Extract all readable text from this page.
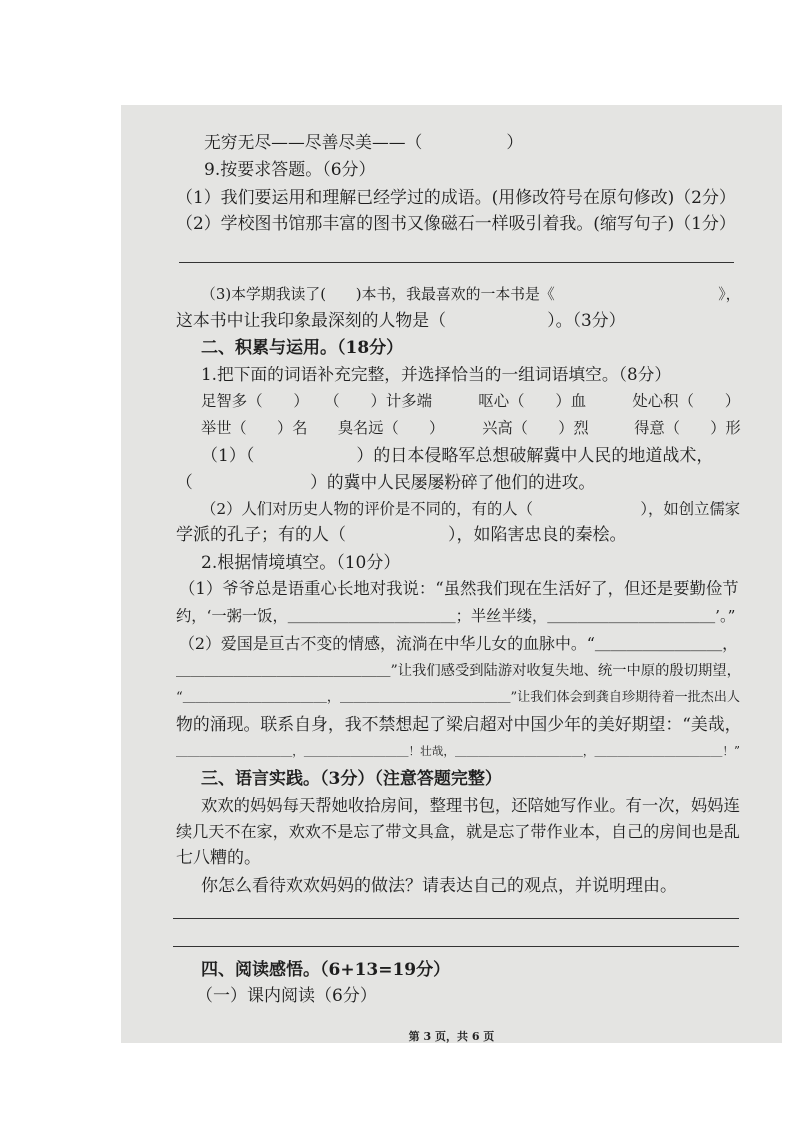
无穷无尽——尽善尽美——（　　　　　）
9.按要求答题。（6分）
（1）我们要运用和理解已经学过的成语。(用修改符号在原句修改)（2分）
（2）学校图书馆那丰富的图书又像磁石一样吸引着我。(缩写句子)（1分）
（3)本学期我读了(　　)本书，我最喜欢的一本书是《　　　　　　　　　　　》，
这本书中让我印象最深刻的人物是（　　　　　　）。（3分）
二、积累与运用。（18分）
1.把下面的词语补充完整，并选择恰当的一组词语填空。（8分）
足智多（　　）　　（　　）计多端　　　呕心（　　）血　　　处心积（　　）
举世（　　）名　　臭名远（　　）　　　兴高（　　）烈　　　得意（　　）形
（1）（　　　　　　）的日本侵略军总想破解冀中人民的地道战术，
（　　　　　　　）的冀中人民屡屡粉碎了他们的进攻。
（2）人们对历史人物的评价是不同的，有的人（　　　　　　　），如创立儒家
学派的孔子；有的人（　　　　　　），如陷害忠良的秦桧。
2.根据情境填空。（10分）
（1）爷爷总是语重心长地对我说：“虽然我们现在生活好了，但还是要勤俭节
约，‘一粥一饭，＿＿＿＿＿＿＿＿＿＿＿；半丝半缕，＿＿＿＿＿＿＿＿＿＿＿’。”
（2）爱国是亘古不变的情感，流淌在中华儿女的血脉中。“＿＿＿＿＿＿＿＿，
＿＿＿＿＿＿＿＿＿＿＿＿＿＿＿”让我们感受到陆游对收复失地、统一中原的殷切期望，
“＿＿＿＿＿＿＿＿＿＿＿，＿＿＿＿＿＿＿＿＿＿＿＿＿”让我们体会到龚自珍期待着一批杰出人
物的涌现。联系自身，我不禁想起了梁启超对中国少年的美好期望：“美哉，
＿＿＿＿＿＿＿＿＿＿，＿＿＿＿＿＿＿＿＿！壮哉，＿＿＿＿＿＿＿＿＿＿＿，＿＿＿＿＿＿＿＿＿＿＿！”
三、语言实践。（3分）（注意答题完整）
欢欢的妈妈每天帮她收拾房间，整理书包，还陪她写作业。有一次，妈妈连
续几天不在家，欢欢不是忘了带文具盒，就是忘了带作业本，自己的房间也是乱
七八糟的。
你怎么看待欢欢妈妈的做法？请表达自己的观点，并说明理由。
四、阅读感悟。（6+13=19分）
（一）课内阅读（6分）
第 3 页，共 6 页
